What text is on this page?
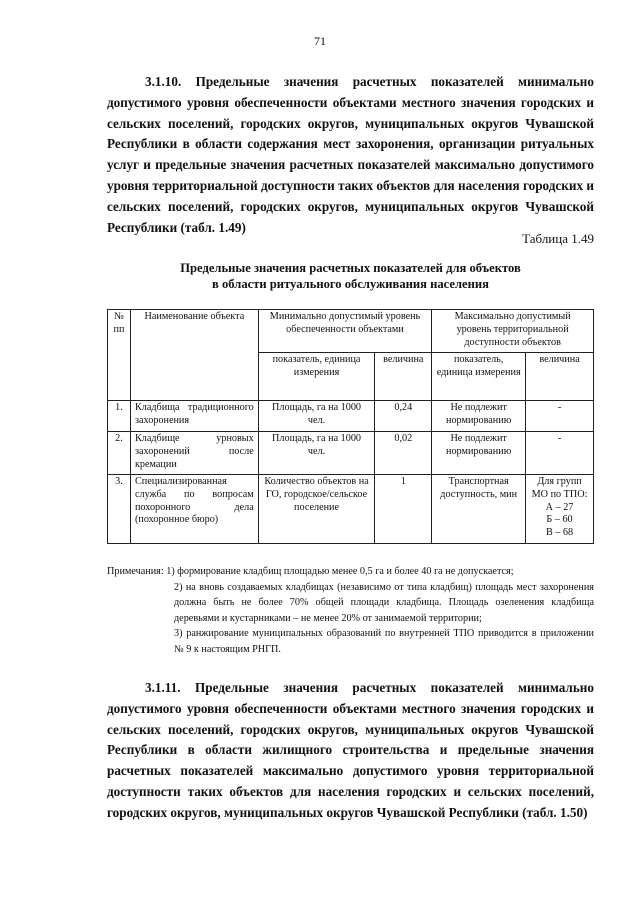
71

3.1.10. Предельные значения расчетных показателей минимально допустимого уровня обеспеченности объектами местного значения городских и сельских поселений, городских округов, муниципальных округов Чувашской Республики в области содержания мест захоронения, организации ритуальных услуг и предельные значения расчетных показателей максимально допустимого уровня территориальной доступности таких объектов для населения городских и сельских поселений, городских округов, муниципальных округов Чувашской Республики (табл. 1.49)

Таблица 1.49
Предельные значения расчетных показателей для объектов
в области ритуального обслуживания населения
№ пп	Наименование объекта	Минимально допустимый уровень обеспеченности объектами		Максимально допустимый уровень территориальной доступности объектов	
		показатель, единица измерения	величина	показатель, единица измерения	величина
1.	Кладбища традиционного захоронения	Площадь, га на 1000 чел.	0,24	Не подлежит нормированию	-
2.	Кладбище урновых захоронений после кремации	Площадь, га на 1000 чел.	0,02	Не подлежит нормированию	-
3.	Специализированная служба по вопросам похоронного дела (похоронное бюро)	Количество объектов на ГО, городское/сельское поселение	1	Транспортная доступность, мин	Для групп МО по ТПО:
А – 27
Б – 60
В – 68

Примечания: 1) формирование кладбищ площадью менее 0,5 га и более 40 га не допускается;

2) на вновь создаваемых кладбищах (независимо от типа кладбищ) площадь мест захоронения должна быть не более 70% общей площади кладбища. Площадь озеленения кладбища деревьями и кустарниками – не менее 20% от занимаемой территории;

3) ранжирование муниципальных образований по внутренней ТПО приводится в приложении № 9 к настоящим РНГП.

3.1.11. Предельные значения расчетных показателей минимально допустимого уровня обеспеченности объектами местного значения городских и сельских поселений, городских округов, муниципальных округов Чувашской Республики в области жилищного строительства и предельные значения расчетных показателей максимально допустимого уровня территориальной доступности таких объектов для населения городских и сельских поселений, городских округов, муниципальных округов Чувашской Республики (табл. 1.50)
